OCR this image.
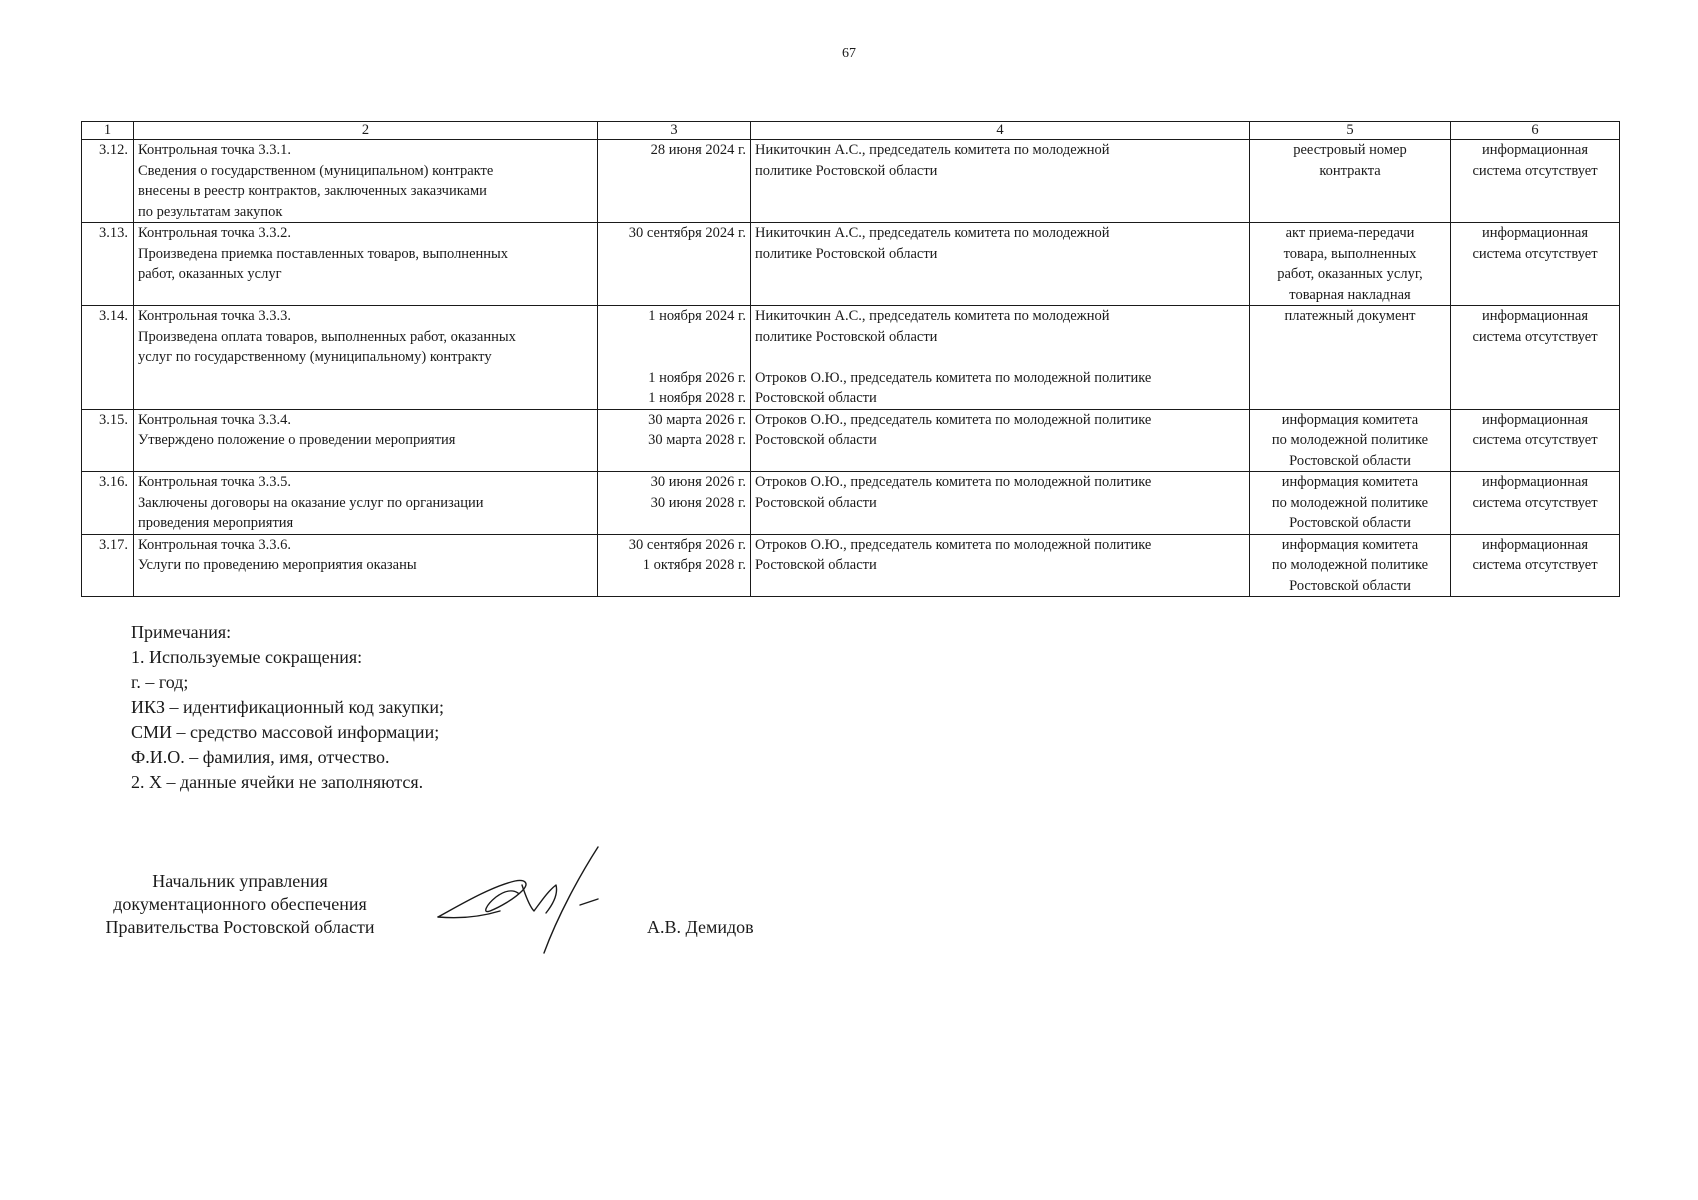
67
1	2	3	4	5	6
3.12.	Контрольная точка 3.3.1.
Сведения о государственном (муниципальном) контракте
внесены в реестр контрактов, заключенных заказчиками
по результатам закупок	28 июня 2024 г.	Никиточкин А.С., председатель комитета по молодежной
политике Ростовской области	реестровый номер
контракта	информационная
система отсутствует

3.13.	Контрольная точка 3.3.2.
Произведена приемка поставленных товаров, выполненных
работ, оказанных услуг	30 сентября 2024 г.	Никиточкин А.С., председатель комитета по молодежной
политике Ростовской области	акт приема-передачи
товара, выполненных
работ, оказанных услуг,
товарная накладная	информационная
система отсутствует

3.14.	Контрольная точка 3.3.3.
Произведена оплата товаров, выполненных работ, оказанных
услуг по государственному (муниципальному) контракту	1 ноября 2024 г.
1 ноября 2026 г.
1 ноября 2028 г.	Никиточкин А.С., председатель комитета по молодежной
политике Ростовской области
Отроков О.Ю., председатель комитета по молодежной политике
Ростовской области	платежный документ	информационная
система отсутствует

3.15.	Контрольная точка 3.3.4.
Утверждено положение о проведении мероприятия	30 марта 2026 г.
30 марта 2028 г.	Отроков О.Ю., председатель комитета по молодежной политике
Ростовской области	информация комитета
по молодежной политике
Ростовской области	информационная
система отсутствует

3.16.	Контрольная точка 3.3.5.
Заключены договоры на оказание услуг по организации
проведения мероприятия	30 июня 2026 г.
30 июня 2028 г.	Отроков О.Ю., председатель комитета по молодежной политике
Ростовской области	информация комитета
по молодежной политике
Ростовской области	информационная
система отсутствует

3.17.	Контрольная точка 3.3.6.
Услуги по проведению мероприятия оказаны	30 сентября 2026 г.
1 октября 2028 г.	Отроков О.Ю., председатель комитета по молодежной политике
Ростовской области	информация комитета
по молодежной политике
Ростовской области	информационная
система отсутствует
Примечания:
1. Используемые сокращения:
г. – год;
ИКЗ – идентификационный код закупки;
СМИ – средство массовой информации;
Ф.И.О. – фамилия, имя, отчество.
2. Х – данные ячейки не заполняются.
Начальник управления
документационного обеспечения
Правительства Ростовской области	А.В. Демидов
